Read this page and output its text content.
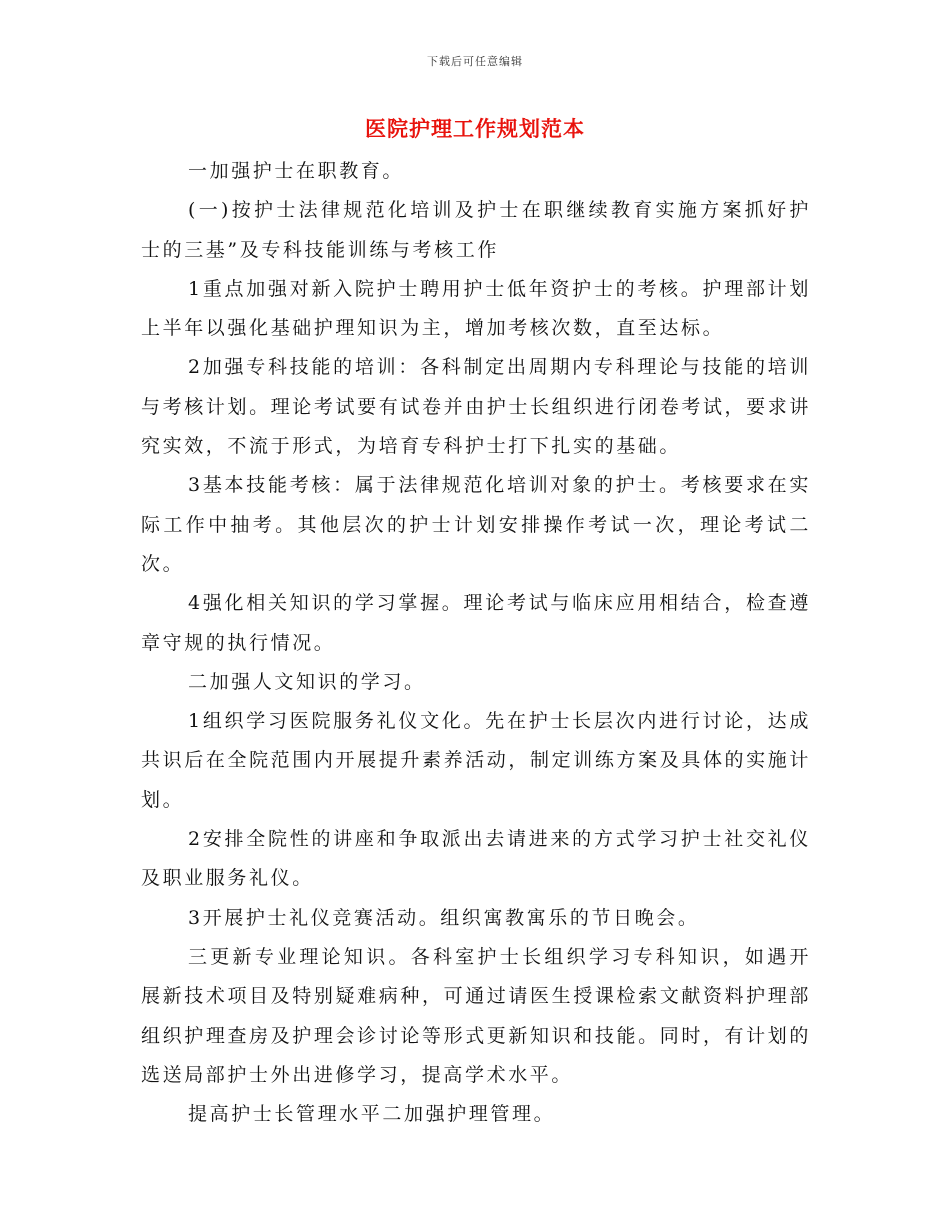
下载后可任意编辑
医院护理工作规划范本

一加强护士在职教育。

(一)按护士法律规范化培训及护士在职继续教育实施方案抓好护士的三基”及专科技能训练与考核工作

1重点加强对新入院护士聘用护士低年资护士的考核。护理部计划上半年以强化基础护理知识为主，增加考核次数，直至达标。

2加强专科技能的培训：各科制定出周期内专科理论与技能的培训与考核计划。理论考试要有试卷并由护士长组织进行闭卷考试，要求讲究实效，不流于形式，为培育专科护士打下扎实的基础。

3基本技能考核：属于法律规范化培训对象的护士。考核要求在实际工作中抽考。其他层次的护士计划安排操作考试一次，理论考试二次。

4强化相关知识的学习掌握。理论考试与临床应用相结合，检查遵章守规的执行情况。

二加强人文知识的学习。

1组织学习医院服务礼仪文化。先在护士长层次内进行讨论，达成共识后在全院范围内开展提升素养活动，制定训练方案及具体的实施计划。

2安排全院性的讲座和争取派出去请进来的方式学习护士社交礼仪及职业服务礼仪。

3开展护士礼仪竞赛活动。组织寓教寓乐的节日晚会。

三更新专业理论知识。各科室护士长组织学习专科知识，如遇开展新技术项目及特别疑难病种，可通过请医生授课检索文献资料护理部组织护理查房及护理会诊讨论等形式更新知识和技能。同时，有计划的选送局部护士外出进修学习，提高学术水平。

提高护士长管理水平二加强护理管理。
